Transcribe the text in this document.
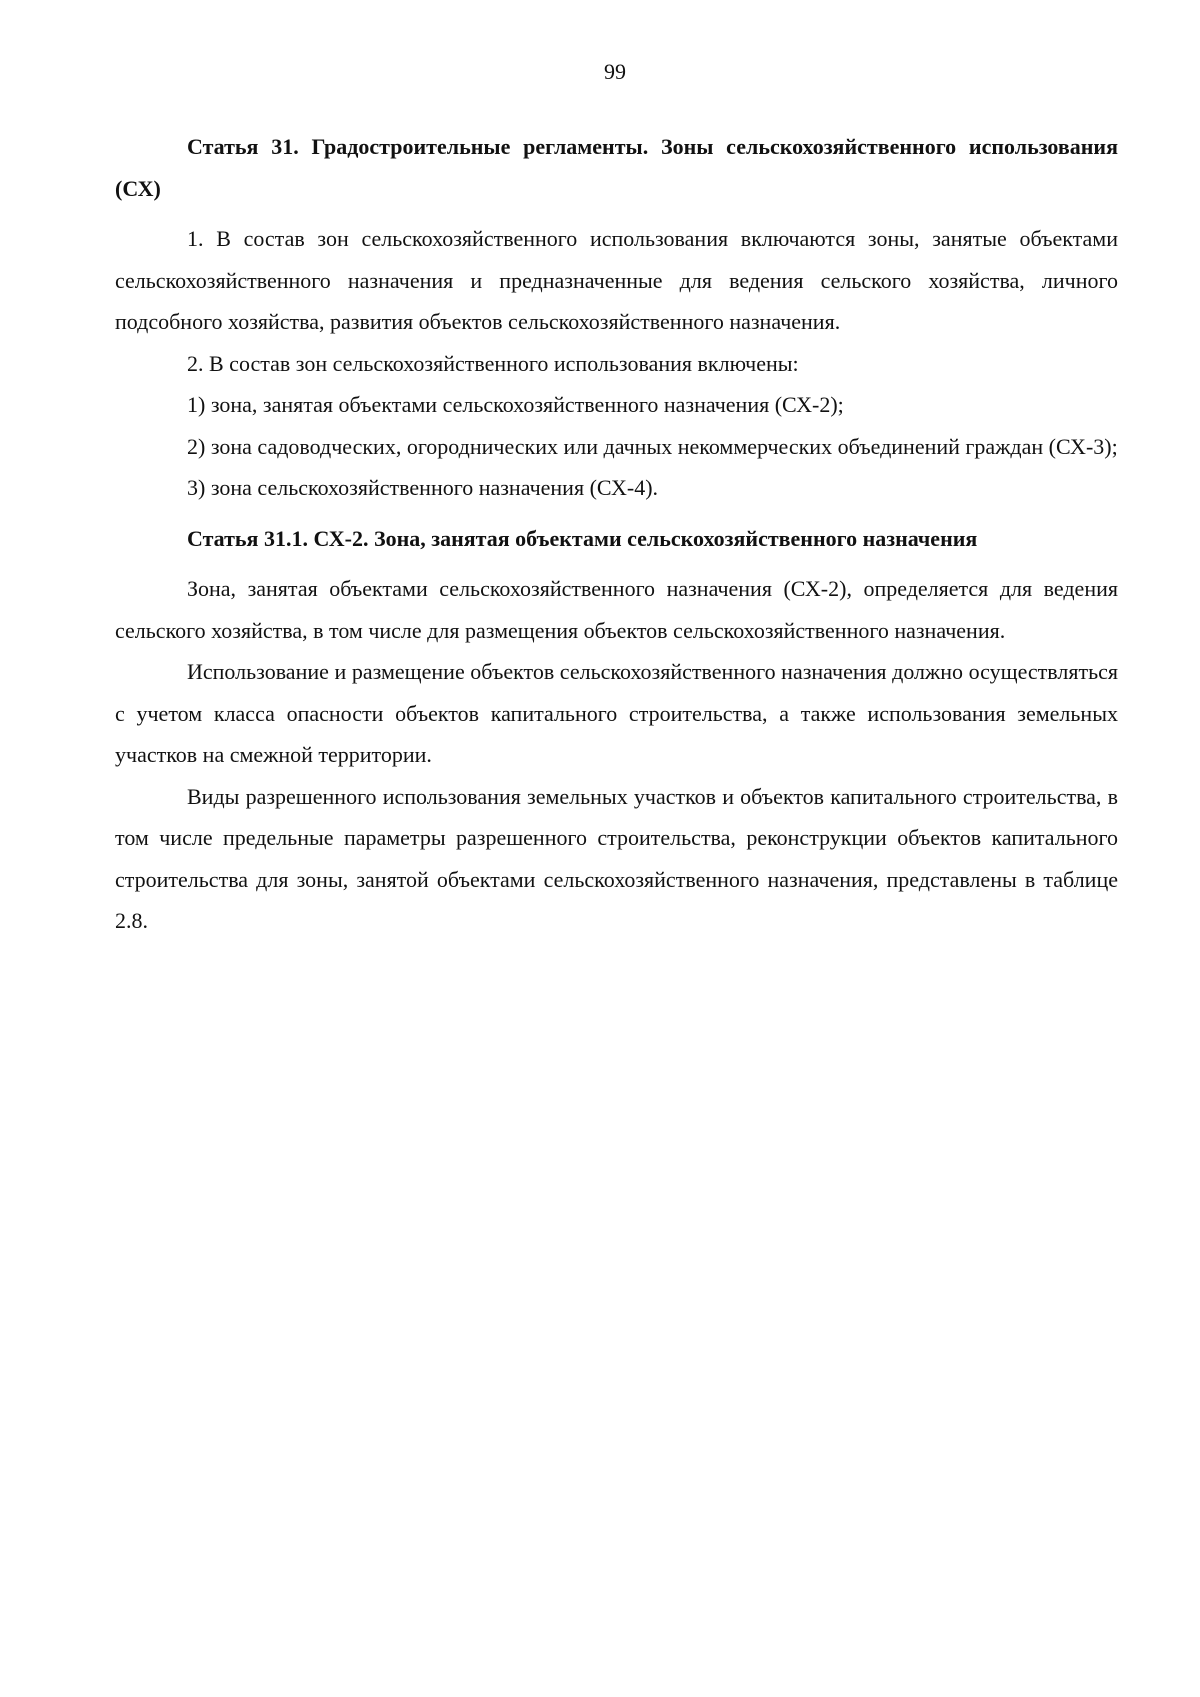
99

Статья 31. Градостроительные регламенты. Зоны сельскохозяйственного использования (СХ)

1. В состав зон сельскохозяйственного использования включаются зоны, занятые объектами сельскохозяйственного назначения и предназначенные для ведения сельского хозяйства, личного подсобного хозяйства, развития объектов сельскохозяйственного назначения.

2. В состав зон сельскохозяйственного использования включены:

1) зона, занятая объектами сельскохозяйственного назначения (СХ-2);

2) зона садоводческих, огороднических или дачных некоммерческих объединений граждан (СХ-3);

3) зона сельскохозяйственного назначения (СХ-4).

Статья 31.1. СХ-2. Зона, занятая объектами сельскохозяйственного назначения

Зона, занятая объектами сельскохозяйственного назначения (СХ-2), определяется для ведения сельского хозяйства, в том числе для размещения объектов сельскохозяйственного назначения.

Использование и размещение объектов сельскохозяйственного назначения должно осуществляться с учетом класса опасности объектов капитального строительства, а также использования земельных участков на смежной территории.

Виды разрешенного использования земельных участков и объектов капитального строительства, в том числе предельные параметры разрешенного строительства, реконструкции объектов капитального строительства для зоны, занятой объектами сельскохозяйственного назначения, представлены в таблице 2.8.
